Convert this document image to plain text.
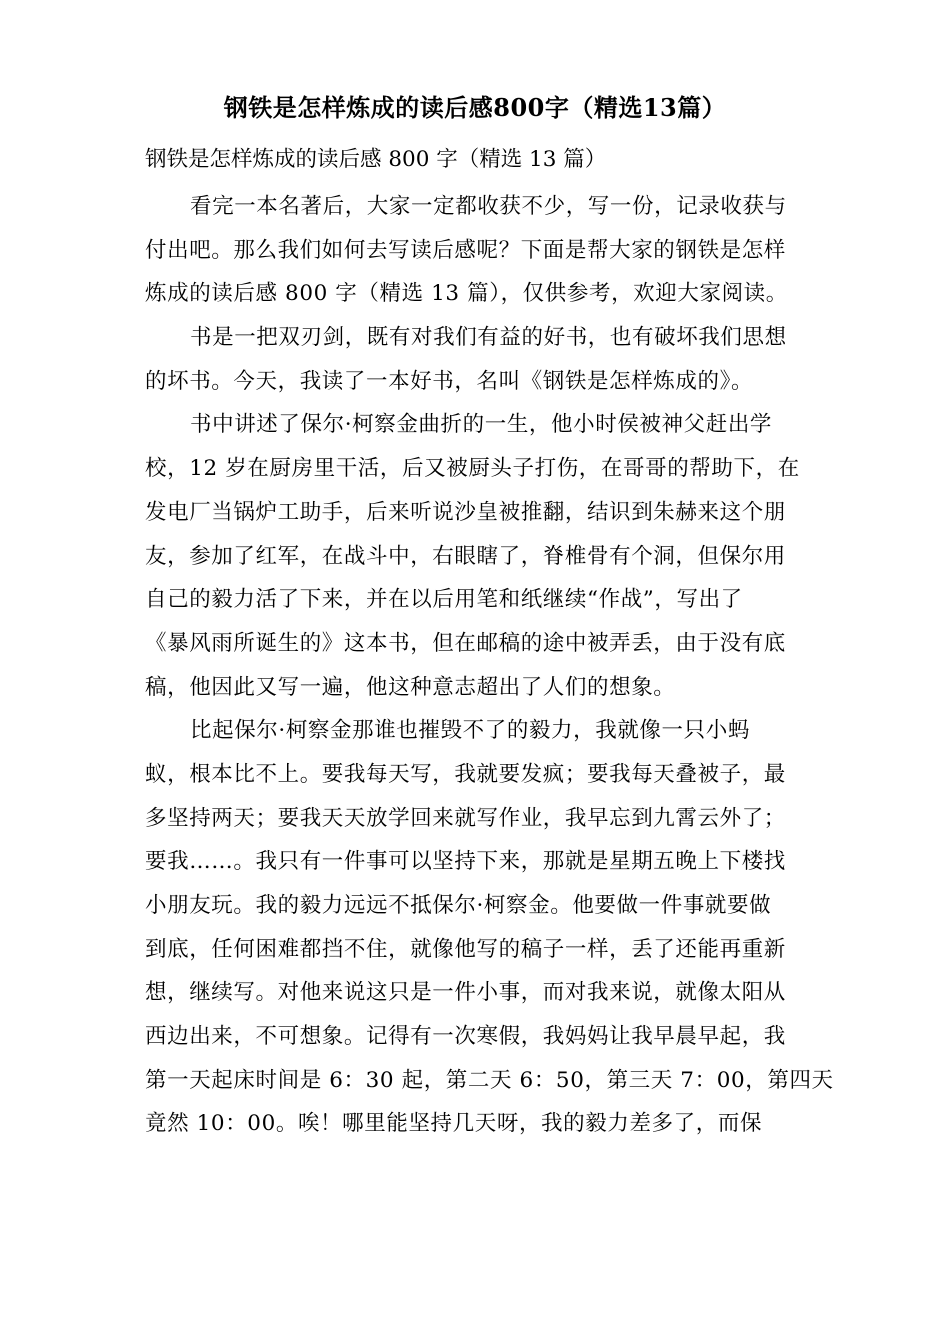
钢铁是怎样炼成的读后感800字（精选13篇）
钢铁是怎样炼成的读后感 800 字（精选 13 篇）
看完一本名著后，大家一定都收获不少，写一份，记录收获与
付出吧。那么我们如何去写读后感呢？下面是帮大家的钢铁是怎样
炼成的读后感 800 字（精选 13 篇），仅供参考，欢迎大家阅读。
书是一把双刃剑，既有对我们有益的好书，也有破坏我们思想
的坏书。今天，我读了一本好书，名叫《钢铁是怎样炼成的》。
书中讲述了保尔·柯察金曲折的一生，他小时侯被神父赶出学
校，12 岁在厨房里干活，后又被厨头子打伤，在哥哥的帮助下，在
发电厂当锅炉工助手，后来听说沙皇被推翻，结识到朱赫来这个朋
友，参加了红军，在战斗中，右眼瞎了，脊椎骨有个洞，但保尔用
自己的毅力活了下来，并在以后用笔和纸继续“作战”，写出了
《暴风雨所诞生的》这本书，但在邮稿的途中被弄丢，由于没有底
稿，他因此又写一遍，他这种意志超出了人们的想象。
比起保尔·柯察金那谁也摧毁不了的毅力，我就像一只小蚂
蚁，根本比不上。要我每天写，我就要发疯；要我每天叠被子，最
多坚持两天；要我天天放学回来就写作业，我早忘到九霄云外了；
要我……。我只有一件事可以坚持下来，那就是星期五晚上下楼找
小朋友玩。我的毅力远远不抵保尔·柯察金。他要做一件事就要做
到底，任何困难都挡不住，就像他写的稿子一样，丢了还能再重新
想，继续写。对他来说这只是一件小事，而对我来说，就像太阳从
西边出来，不可想象。记得有一次寒假，我妈妈让我早晨早起，我
第一天起床时间是 6：30 起，第二天 6：50，第三天 7：00，第四天
竟然 10：00。唉！哪里能坚持几天呀，我的毅力差多了，而保
